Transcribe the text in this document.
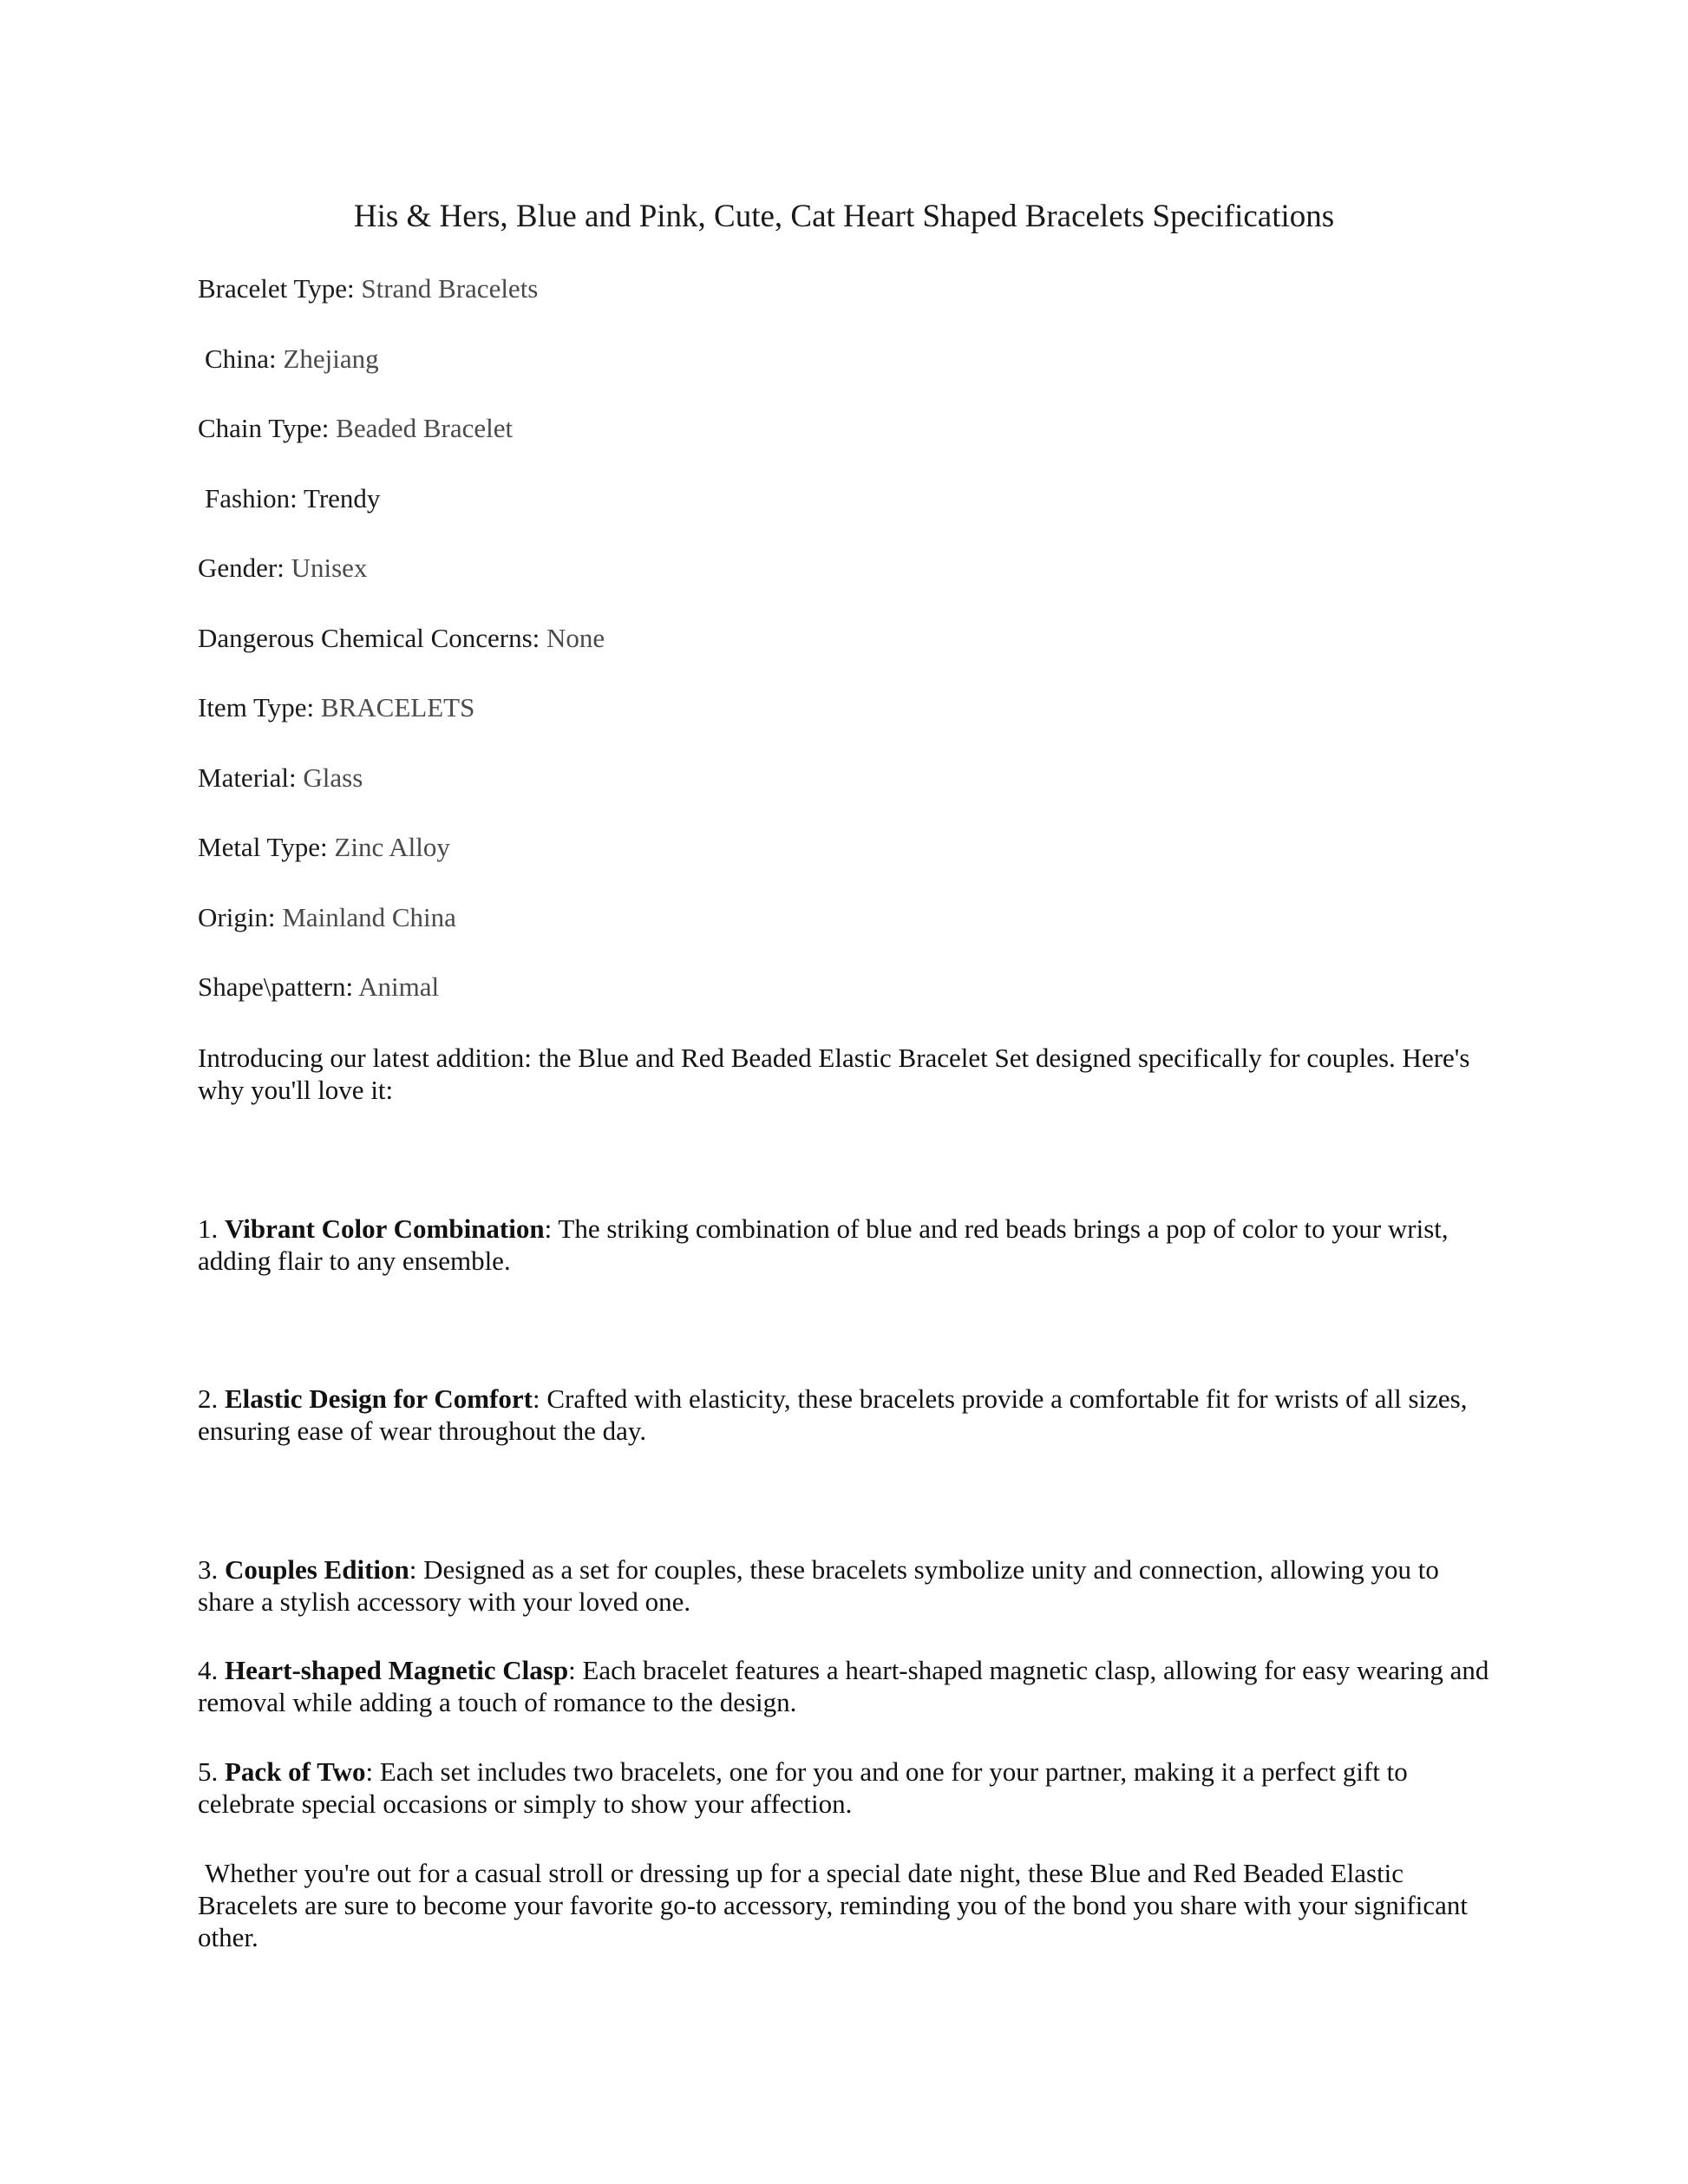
His & Hers, Blue and Pink, Cute, Cat Heart Shaped Bracelets Specifications
Bracelet Type: Strand Bracelets
China: Zhejiang
Chain Type: Beaded Bracelet
Fashion: Trendy
Gender: Unisex
Dangerous Chemical Concerns: None
Item Type: BRACELETS
Material: Glass
Metal Type: Zinc Alloy
Origin: Mainland China
Shape\pattern: Animal

Introducing our latest addition: the Blue and Red Beaded Elastic Bracelet Set designed specifically for couples. Here's why you'll love it:

1. Vibrant Color Combination: The striking combination of blue and red beads brings a pop of color to your wrist, adding flair to any ensemble.

2. Elastic Design for Comfort: Crafted with elasticity, these bracelets provide a comfortable fit for wrists of all sizes, ensuring ease of wear throughout the day.

3. Couples Edition: Designed as a set for couples, these bracelets symbolize unity and connection, allowing you to share a stylish accessory with your loved one.

4. Heart-shaped Magnetic Clasp: Each bracelet features a heart-shaped magnetic clasp, allowing for easy wearing and removal while adding a touch of romance to the design.

5. Pack of Two: Each set includes two bracelets, one for you and one for your partner, making it a perfect gift to celebrate special occasions or simply to show your affection.

Whether you're out for a casual stroll or dressing up for a special date night, these Blue and Red Beaded Elastic Bracelets are sure to become your favorite go-to accessory, reminding you of the bond you share with your significant other.
